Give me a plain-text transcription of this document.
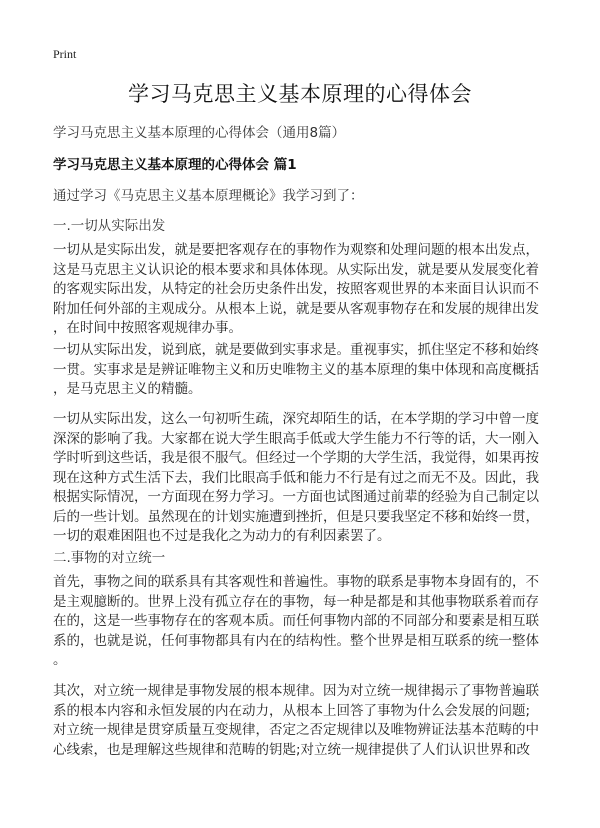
Print
学习马克思主义基本原理的心得体会
学习马克思主义基本原理的心得体会（通用8篇）
学习马克思主义基本原理的心得体会 篇1
通过学习《马克思主义基本原理概论》我学习到了：
一.一切从实际出发
一切从是实际出发，就是要把客观存在的事物作为观察和处理问题的根本出发点，
这是马克思主义认识论的根本要求和具体体现。从实际出发，就是要从发展变化着
的客观实际出发，从特定的社会历史条件出发，按照客观世界的本来面目认识而不
附加任何外部的主观成分。从根本上说，就是要从客观事物存在和发展的规律出发
，在时间中按照客观规律办事。
一切从实际出发，说到底，就是要做到实事求是。重视事实，抓住坚定不移和始终
一贯。实事求是是辨证唯物主义和历史唯物主义的基本原理的集中体现和高度概括
，是马克思主义的精髓。
一切从实际出发，这么一句初听生疏，深究却陌生的话，在本学期的学习中曾一度
深深的影响了我。大家都在说大学生眼高手低或大学生能力不行等的话，大一刚入
学时听到这些话，我是很不服气。但经过一个学期的大学生活，我觉得，如果再按
现在这种方式生活下去，我们比眼高手低和能力不行是有过之而无不及。因此，我
根据实际情况，一方面现在努力学习。一方面也试图通过前辈的经验为自己制定以
后的一些计划。虽然现在的计划实施遭到挫折，但是只要我坚定不移和始终一贯，
一切的艰难困阻也不过是我化之为动力的有利因素罢了。
二.事物的对立统一
首先，事物之间的联系具有其客观性和普遍性。事物的联系是事物本身固有的，不
是主观臆断的。世界上没有孤立存在的事物，每一种是都是和其他事物联系着而存
在的，这是一些事物存在的客观本质。而任何事物内部的不同部分和要素是相互联
系的，也就是说，任何事物都具有内在的结构性。整个世界是相互联系的统一整体
。
其次，对立统一规律是事物发展的根本规律。因为对立统一规律揭示了事物普遍联
系的根本内容和永恒发展的内在动力，从根本上回答了事物为什么会发展的问题;
对立统一规律是贯穿质量互变规律，否定之否定规律以及唯物辨证法基本范畴的中
心线索，也是理解这些规律和范畴的钥匙;对立统一规律提供了人们认识世界和改
